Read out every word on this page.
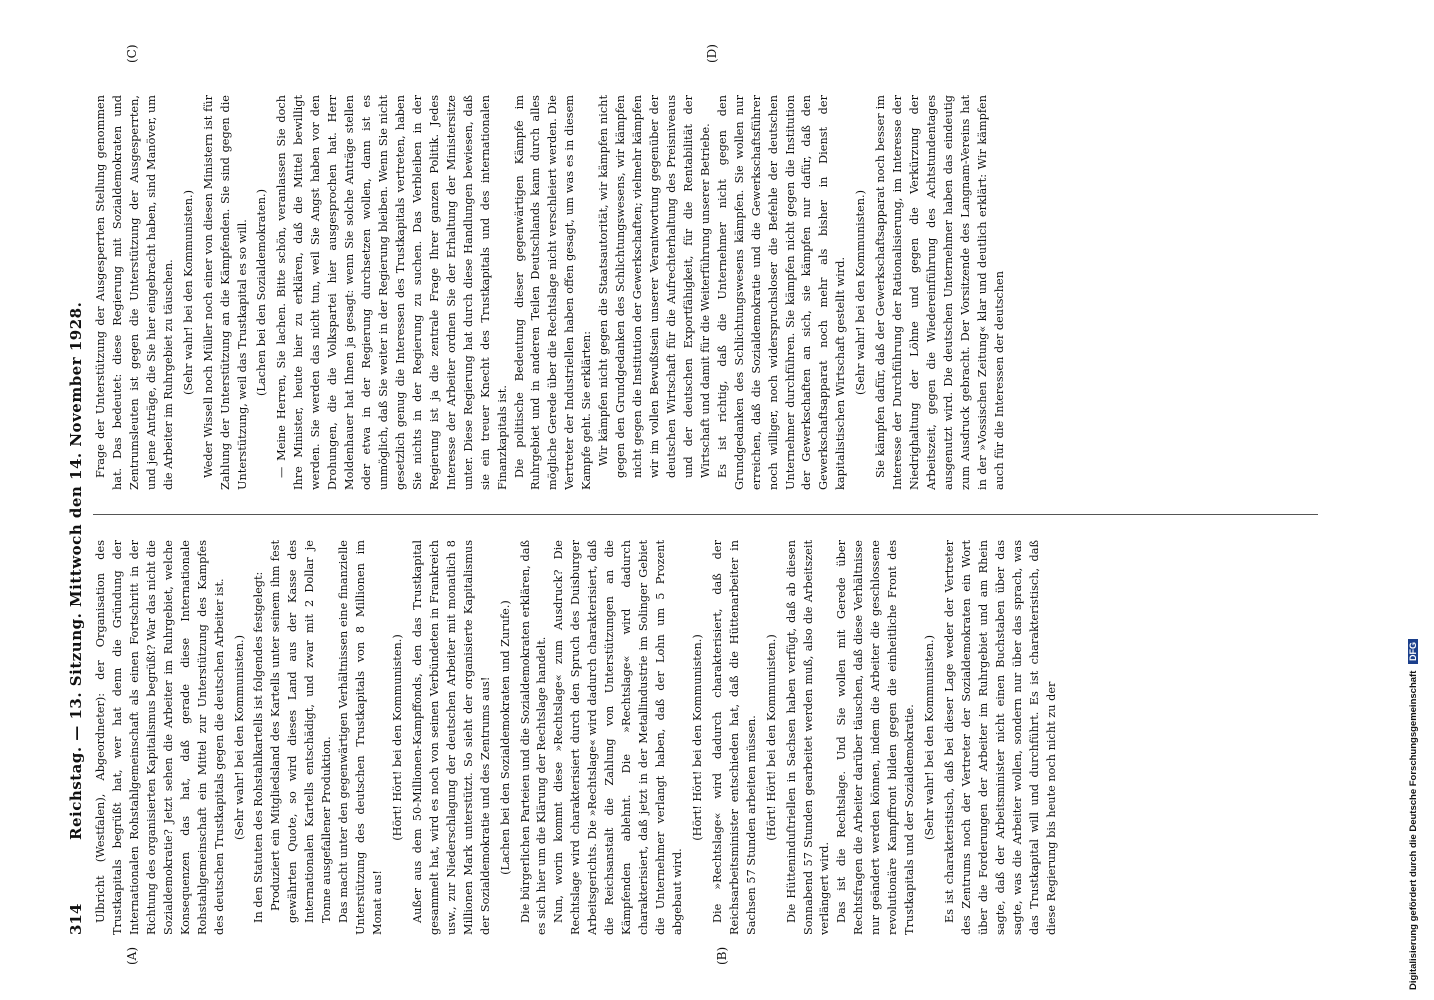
314
Reichstag. — 13. Sitzung. Mittwoch den 14. November 1928.
(A)	(B)
(C)	(D)

Ulbricht (Westfalen), Abgeordneter): der Organisation des Trustkapitals begrüßt hat, wer hat denn die Gründung der Internationalen Rohstahlgemeinschaft als einen Fortschritt in der Richtung des organisierten Kapitalismus begrüßt? War das nicht die Sozialdemokratie? Jetzt sehen die Arbeiter im Ruhrgebiet, welche Konsequenzen das hat, daß gerade diese Internationale Rohstahlgemeinschaft ein Mittel zur Unterstützung des Kampfes des deutschen Trustkapitals gegen die deutschen Arbeiter ist. (Sehr wahr! bei den Kommunisten.) In den Statuten des Rohstahlkartells ist folgendes festgelegt: Produziert ein Mitgliedsland des Kartells unter seinem ihm fest gewährten Quote, so wird dieses Land aus der Kasse des Internationalen Kartells entschädigt, und zwar mit 2 Dollar je Tonne ausgefallener Produktion. Das macht unter den gegenwärtigen Verhältnissen eine finanzielle Unterstützung des deutschen Trustkapitals von 8 Millionen im Monat aus!

(Hört! Hört! bei den Kommunisten.) Außer aus dem 50-Millionen-Kampffonds, den das Trustkapital gesammelt hat, wird es noch von seinen Verbündeten in Frankreich usw., zur Niederschlagung der deutschen Arbeiter mit monatlich 8 Millionen Mark unterstützt. So sieht der organisierte Kapitalismus der Sozialdemokratie und des Zentrums aus! (Lachen bei den Sozialdemokraten und Zurufe.) Die bürgerlichen Parteien und die Sozialdemokraten erklären, daß es sich hier um die Klärung der Rechtslage handelt. Nun, worin kommt diese »Rechtslage« zum Ausdruck? Die Rechtslage wird charakterisiert durch den Spruch des Duisburger Arbeitsgerichts. Die »Rechtslage« wird dadurch charakterisiert, daß die Reichsanstalt die Zahlung von Unterstützungen an die Kämpfenden ablehnt. Die »Rechtslage« wird dadurch charakterisiert, daß jetzt in der Metallindustrie im Solinger Gebiet die Unternehmer verlangt haben, daß der Lohn um 5 Prozent abgebaut wird.

(Hört! Hört! bei den Kommunisten.) Die »Rechtslage« wird dadurch charakterisiert, daß der Reichsarbeitsminister entschieden hat, daß die Hüttenarbeiter in Sachsen 57 Stunden arbeiten müssen. (Hört! Hört! bei den Kommunisten.) Die Hütteninduſtriellen in Sachsen haben verfügt, daß ab diesen Sonnabend 57 Stunden gearbeitet werden muß, also die Arbeitszeit verlängert wird. Das ist die Rechtslage. Und Sie wollen mit Gerede über Rechtsfragen die Arbeiter darüber täuschen, daß diese Verhältnisse nur geändert werden können, indem die Arbeiter die geschlossene revolutionäre Kampffront bilden gegen die einheitliche Front des Trustkapitals und der Sozialdemokratie. (Sehr wahr! bei den Kommunisten.) Es ist charakteristisch, daß bei dieser Lage weder der Vertreter des Zentrums noch der Vertreter der Sozialdemokraten ein Wort über die Forderungen der Arbeiter im Ruhrgebiet und am Rhein sagte, daß der Arbeitsminister nicht einen Buchstaben über das sagte, was die Arbeiter wollen, sondern nur über das sprach, was das Trustkapital will und durchführt. Es ist charakteristisch, daß diese Regierung bis heute noch nicht zu der

Frage der Unterstützung der Ausgesperrten Stellung genommen hat. Das bedeutet: diese Regierung mit Sozialdemokraten und Zentrumsleuten ist gegen die Unterstützung der Ausgesperrten, und jene Anträge, die Sie hier eingebracht haben, sind Manöver, um die Arbeiter im Ruhrgebiet zu täuschen. (Sehr wahr! bei den Kommunisten.) Weder Wissell noch Müller noch einer von diesen Ministern ist für Zahlung der Unterstützung an die Kämpfenden. Sie sind gegen die Unterstützung, weil das Trustkapital es so will. (Lachen bei den Sozialdemokraten.) — Meine Herren, Sie lachen. Bitte schön, veranlassen Sie doch Ihre Minister, heute hier zu erklären, daß die Mittel bewilligt werden. Sie werden das nicht tun, weil Sie Angst haben vor den Drohungen, die die Volkspartei hier ausgesprochen hat. Herr Moldenhauer hat Ihnen ja gesagt: wenn Sie solche Anträge stellen oder etwa in der Regierung durchsetzen wollen, dann ist es unmöglich, daß Sie weiter in der Regierung bleiben. Wenn Sie nicht gesetzlich genug die Interessen des Trustkapitals vertreten, haben Sie nichts in der Regierung zu suchen. Das Verbleiben in der Regierung ist ja die zentrale Frage Ihrer ganzen Politik. Jedes Interesse der Arbeiter ordnen Sie der Erhaltung der Ministersitze unter. Diese Regierung hat durch diese Handlungen bewiesen, daß sie ein treuer Knecht des Trustkapitals und des internationalen Finanzkapitals ist. Die politische Bedeutung dieser gegenwärtigen Kämpfe im Ruhrgebiet und in anderen Teilen Deutschlands kann durch alles mögliche Gerede über die Rechtslage nicht verschleiert werden. Die Vertreter der Industriellen haben offen gesagt, um was es in diesem Kampfe geht. Sie erklärten: Wir kämpfen nicht gegen die Staatsautorität, wir kämpfen nicht gegen den Grundgedanken des Schlichtungswesens, wir kämpfen nicht gegen die Institution der Gewerkschaften; vielmehr kämpfen wir im vollen Bewußtsein unserer Verantwortung gegenüber der deutschen Wirtschaft für die Aufrechterhaltung des Preisniveaus und der deutschen Exportfähigkeit, für die Rentabilität der Wirtschaft und damit für die Weiterführung unserer Betriebe. Es ist richtig, daß die Unternehmer nicht gegen den Grundgedanken des Schlichtungswesens kämpfen. Sie wollen nur erreichen, daß die Sozialdemokratie und die Gewerkschaftsführer noch williger, noch widerspruchsloser die Befehle der deutschen Unternehmer durchführen. Sie kämpfen nicht gegen die Institution der Gewerkschaften an sich, sie kämpfen nur dafür, daß den Gewerkschaftsapparat noch mehr als bisher in Dienst der kapitalistischen Wirtschaft gestellt wird. (Sehr wahr! bei den Kommunisten.) Sie kämpfen dafür, daß der Gewerkschaftsapparat noch besser im Interesse der Durchführung der Rationalisierung, im Interesse der Niedrighaltung der Löhne und gegen die Verkürzung der Arbeitszeit, gegen die Wiedereinführung des Achtstundentages ausgenutzt wird. Die deutschen Unternehmer haben das eindeutig zum Ausdruck gebracht. Der Vorsitzende des Langnam-Vereins hat in der »Vossischen Zeitung« klar und deutlich erklärt: Wir kämpfen auch für die Interessen der deutschen

Digitalisierung gefördert durch die Deutsche Forschungsgemeinschaft DFG
